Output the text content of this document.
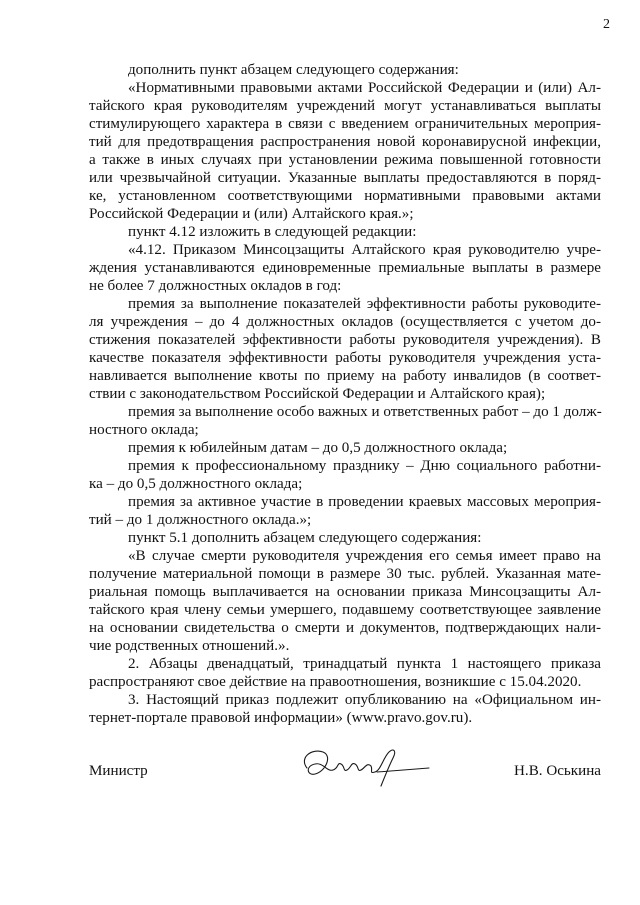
2
дополнить пункт абзацем следующего содержания:
«Нормативными правовыми актами Российской Федерации и (или) Ал-
тайского края руководителям учреждений могут устанавливаться выплаты
стимулирующего характера в связи с введением ограничительных мероприя-
тий для предотвращения распространения новой коронавирусной инфекции,
а также в иных случаях при установлении режима повышенной готовности
или чрезвычайной ситуации. Указанные выплаты предоставляются в поряд-
ке, установленном соответствующими нормативными правовыми актами
Российской Федерации и (или) Алтайского края.»;
пункт 4.12 изложить в следующей редакции:
«4.12. Приказом Минсоцзащиты Алтайского края руководителю учре-
ждения устанавливаются единовременные премиальные выплаты в размере
не более 7 должностных окладов в год:
премия за выполнение показателей эффективности работы руководите-
ля учреждения – до 4 должностных окладов (осуществляется с учетом до-
стижения показателей эффективности работы руководителя учреждения). В
качестве показателя эффективности работы руководителя учреждения уста-
навливается выполнение квоты по приему на работу инвалидов (в соответ-
ствии с законодательством Российской Федерации и Алтайского края);
премия за выполнение особо важных и ответственных работ – до 1 долж-
ностного оклада;
премия к юбилейным датам – до 0,5 должностного оклада;
премия к профессиональному празднику – Дню социального работни-
ка – до 0,5 должностного оклада;
премия за активное участие в проведении краевых массовых мероприя-
тий – до 1 должностного оклада.»;
пункт 5.1 дополнить абзацем следующего содержания:
«В случае смерти руководителя учреждения его семья имеет право на
получение материальной помощи в размере 30 тыс. рублей. Указанная мате-
риальная помощь выплачивается на основании приказа Минсоцзащиты Ал-
тайского края члену семьи умершего, подавшему соответствующее заявление
на основании свидетельства о смерти и документов, подтверждающих нали-
чие родственных отношений.».
2. Абзацы двенадцатый, тринадцатый пункта 1 настоящего приказа
распространяют свое действие на правоотношения, возникшие с 15.04.2020.
3. Настоящий приказ подлежит опубликованию на «Официальном ин-
тернет-портале правовой информации» (www.pravo.gov.ru).
Министр	Н.В. Оськина
